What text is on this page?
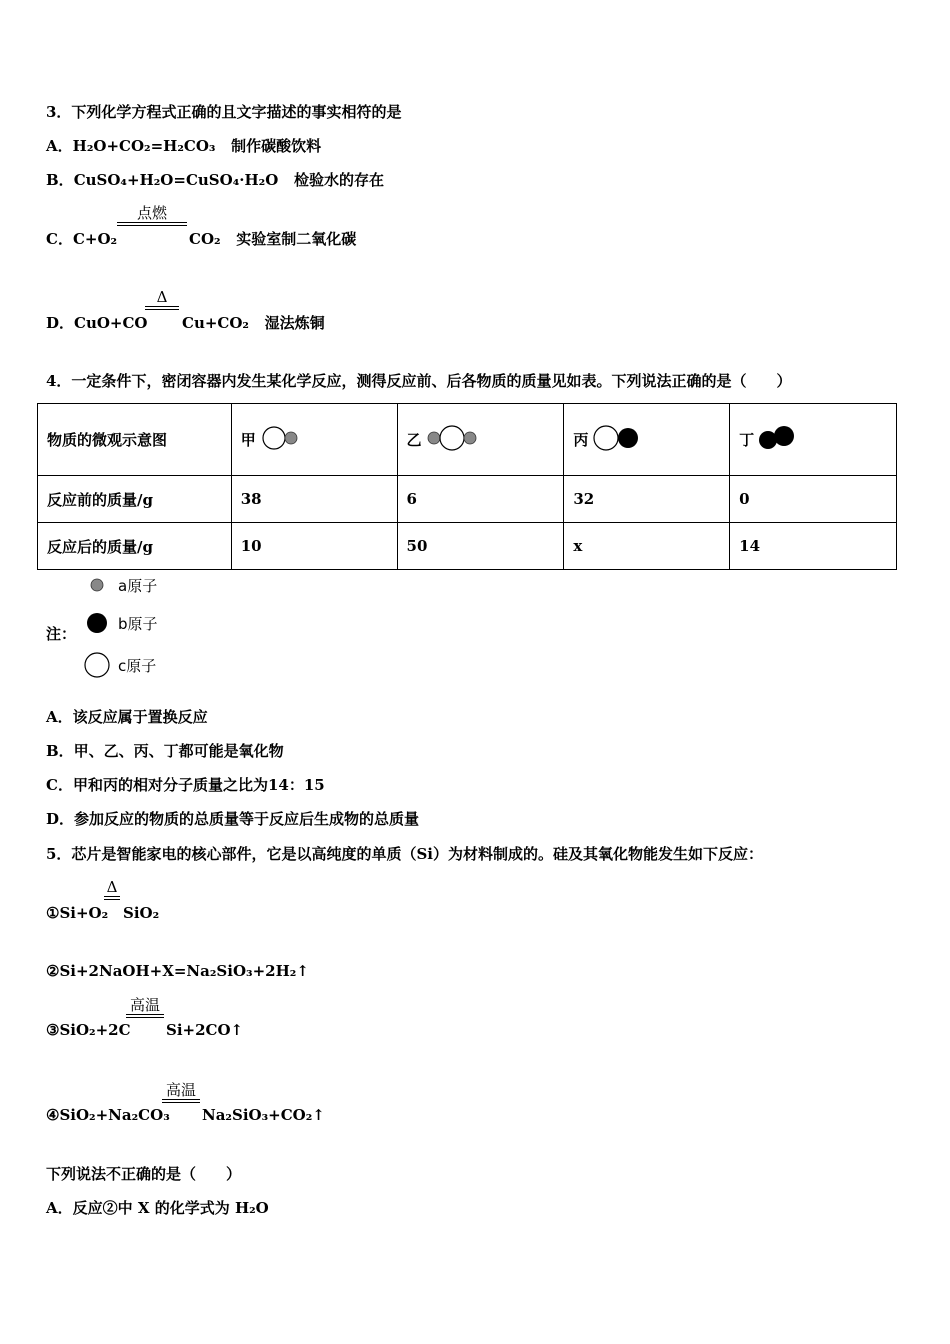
3．下列化学方程式正确的且文字描述的事实相符的是
A．H₂O+CO₂=H₂CO₃ 制作碳酸饮料
B．CuSO₄+H₂O=CuSO₄·H₂O 检验水的存在
C．C+O₂
点燃
CO₂ 实验室制二氧化碳
D．CuO+CO
Δ
Cu+CO₂ 湿法炼铜
4．一定条件下，密闭容器内发生某化学反应，测得反应前、后各物质的质量见如表。下列说法正确的是（　　）
物质的微观示意图	甲	乙	丙	丁

反应前的质量/g	38	6	32	0
反应后的质量/g	10	50	x	14
注：
a原子
b原子
c原子
A．该反应属于置换反应
B．甲、乙、丙、丁都可能是氧化物
C．甲和丙的相对分子质量之比为14：15
D．参加反应的物质的总质量等于反应后生成物的总质量
5．芯片是智能家电的核心部件，它是以高纯度的单质（Si）为材料制成的。硅及其氧化物能发生如下反应：
①Si+O₂
Δ
SiO₂
②Si+2NaOH+X=Na₂SiO₃+2H₂↑
③SiO₂+2C
高温
Si+2CO↑
④SiO₂+Na₂CO₃
高温
Na₂SiO₃+CO₂↑
下列说法不正确的是（　　）
A．反应②中 X 的化学式为 H₂O
